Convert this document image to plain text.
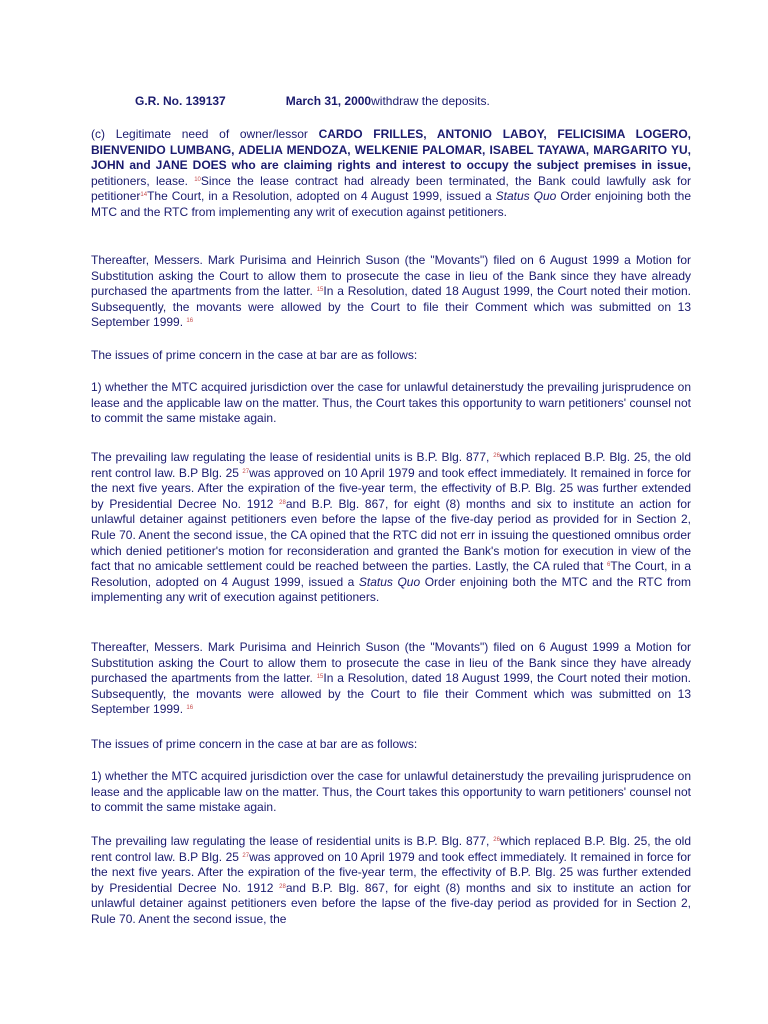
G.R. No. 139137	March 31, 2000withdraw the deposits.
(c) Legitimate need of owner/lessor CARDO FRILLES, ANTONIO LABOY, FELICISIMA LOGERO, BIENVENIDO LUMBANG, ADELIA MENDOZA, WELKENIE PALOMAR, ISABEL TAYAWA, MARGARITO YU, JOHN and JANE DOES who are claiming rights and interest to occupy the subject premises in issue, petitioners, lease. $^{10}$Since the lease contract had already been terminated, the Bank could lawfully ask for petitioner$^{14}$The Court, in a Resolution, adopted on 4 August 1999, issued a Status Quo Order enjoining both the MTC and the RTC from implementing any writ of execution against petitioners.
Thereafter, Messers. Mark Purisima and Heinrich Suson (the "Movants") filed on 6 August 1999 a Motion for Substitution asking the Court to allow them to prosecute the case in lieu of the Bank since they have already purchased the apartments from the latter. $^{15}$In a Resolution, dated 18 August 1999, the Court noted their motion. Subsequently, the movants were allowed by the Court to file their Comment which was submitted on 13 September 1999. $^{16}$
The issues of prime concern in the case at bar are as follows:
1) whether the MTC acquired jurisdiction over the case for unlawful detainerstudy the prevailing jurisprudence on lease and the applicable law on the matter. Thus, the Court takes this opportunity to warn petitioners' counsel not to commit the same mistake again.
The prevailing law regulating the lease of residential units is B.P. Blg. 877, $^{26}$which replaced B.P. Blg. 25, the old rent control law. B.P Blg. 25 $^{27}$was approved on 10 April 1979 and took effect immediately. It remained in force for the next five years. After the expiration of the five-year term, the effectivity of B.P. Blg. 25 was further extended by Presidential Decree No. 1912 $^{28}$and B.P. Blg. 867, for eight (8) months and six to institute an action for unlawful detainer against petitioners even before the lapse of the five-day period as provided for in Section 2, Rule 70. Anent the second issue, the CA opined that the RTC did not err in issuing the questioned omnibus order which denied petitioner's motion for reconsideration and granted the Bank's motion for execution in view of the fact that no amicable settlement could be reached between the parties. Lastly, the CA ruled that $^6$The Court, in a Resolution, adopted on 4 August 1999, issued a Status Quo Order enjoining both the MTC and the RTC from implementing any writ of execution against petitioners.
Thereafter, Messers. Mark Purisima and Heinrich Suson (the "Movants") filed on 6 August 1999 a Motion for Substitution asking the Court to allow them to prosecute the case in lieu of the Bank since they have already purchased the apartments from the latter. $^{15}$In a Resolution, dated 18 August 1999, the Court noted their motion. Subsequently, the movants were allowed by the Court to file their Comment which was submitted on 13 September 1999. $^{16}$
The issues of prime concern in the case at bar are as follows:
1) whether the MTC acquired jurisdiction over the case for unlawful detainerstudy the prevailing jurisprudence on lease and the applicable law on the matter. Thus, the Court takes this opportunity to warn petitioners' counsel not to commit the same mistake again.
The prevailing law regulating the lease of residential units is B.P. Blg. 877, $^{26}$which replaced B.P. Blg. 25, the old rent control law. B.P Blg. 25 $^{27}$was approved on 10 April 1979 and took effect immediately. It remained in force for the next five years. After the expiration of the five-year term, the effectivity of B.P. Blg. 25 was further extended by Presidential Decree No. 1912 $^{28}$and B.P. Blg. 867, for eight (8) months and six to institute an action for unlawful detainer against petitioners even before the lapse of the five-day period as provided for in Section 2, Rule 70. Anent the second issue, the
